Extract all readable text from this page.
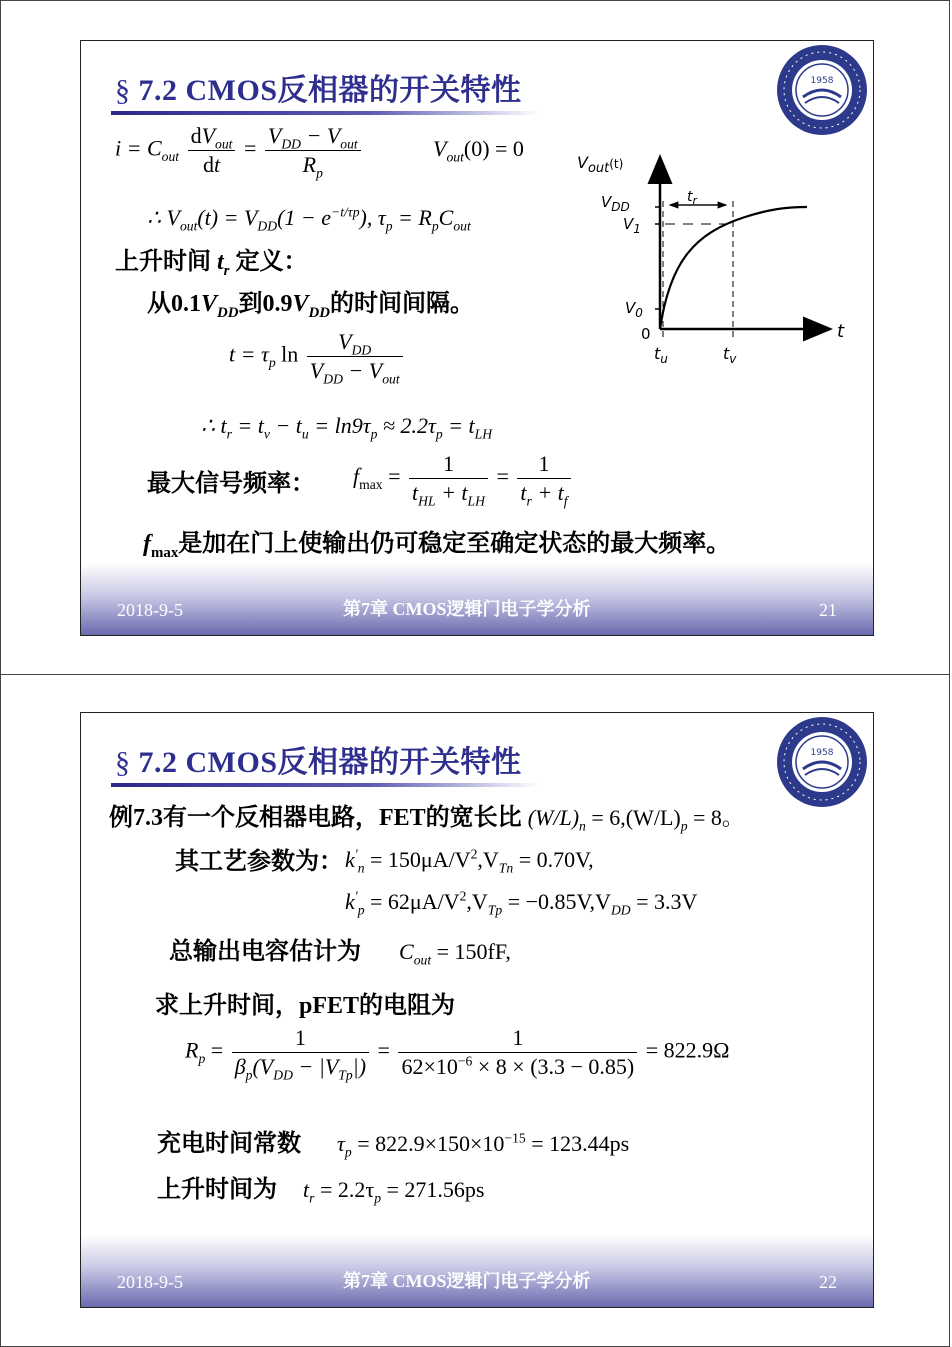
§ 7.2 CMOS反相器的开关特性	1958
$i = C_{out} \frac{dV_{out}}{dt} = \frac{V_{DD} - V_{out}}{R_p}$	$V_{out}(0) = 0$
∴ $V_{out}(t) = V_{DD}(1 - e^{-t/\tau p})$, $\tau_p = R_pC_{out}$
上升时间 $t_r$ 定义：
从$0.1V_{DD}$到$0.9V_{DD}$的时间间隔。
$t = \tau_p$ $\ln \frac{V_{DD}}{V_{DD} - V_{out}}$
∴ $t_r = t_v - t_u = \ln 9\tau_p \approx 2.2\tau_p = t_{LH}$
最大信号频率： $f_{max} = \frac{1}{t_{HL} + t_{LH}} = \frac{1}{t_r + t_f}$
$f_{max}$是加在门上使输出仍可稳定至确定状态的最大频率。
$V_{out}^{(t)}$
$V_{DD}$
$V_1$
$V_0$
0
$t_u$	$t_v$
$t_r$
t
2018-9-5	第7章 CMOS逻辑门电子学分析	21
§ 7.2 CMOS反相器的开关特性	1958
例7.3有一个反相器电路，FET的宽长比 $(W/L)_n = 6,(W/L)_p = 8$。
其工艺参数为： $k'_n = 150\mu A/V^2,V_{Tn} = 0.70V$,
$k'_p = 62\mu A/V^2,V_{Tp} = -0.85V,V_{DD} = 3.3V$
总输出电容估计为 $C_{out} = 150fF$,
求上升时间，pFET的电阻为
$R_p = \frac{1}{\beta_p(V_{DD} - |V_{Tp}|)} = \frac{1}{62\times 10^{-6} \times 8 \times (3.3 - 0.85)} = 822.9\Omega$
充电时间常数 $\tau_p = 822.9\times 150\times 10^{-15} = 123.44ps$
上升时间为 $t_r = 2.2\tau_p = 271.56ps$
2018-9-5	第7章 CMOS逻辑门电子学分析	22
